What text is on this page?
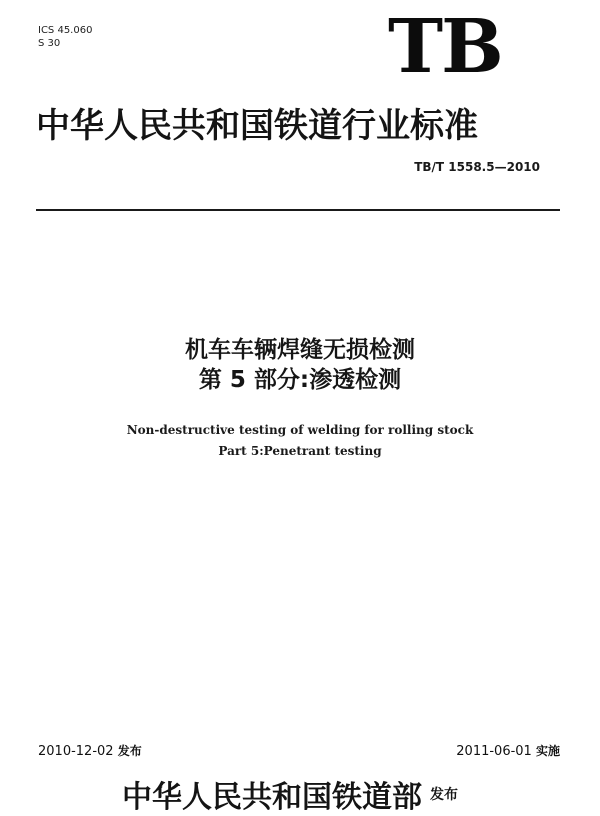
ICS 45.060
S 30	TB
中华人民共和国铁道行业标准
TB/T 1558.5—2010
机车车辆焊缝无损检测
第 5 部分:渗透检测
Non-destructive testing of welding for rolling stock
Part 5:Penetrant testing
2010-12-02 发布	2011-06-01 实施
中华人民共和国铁道部 $^{发布}$
